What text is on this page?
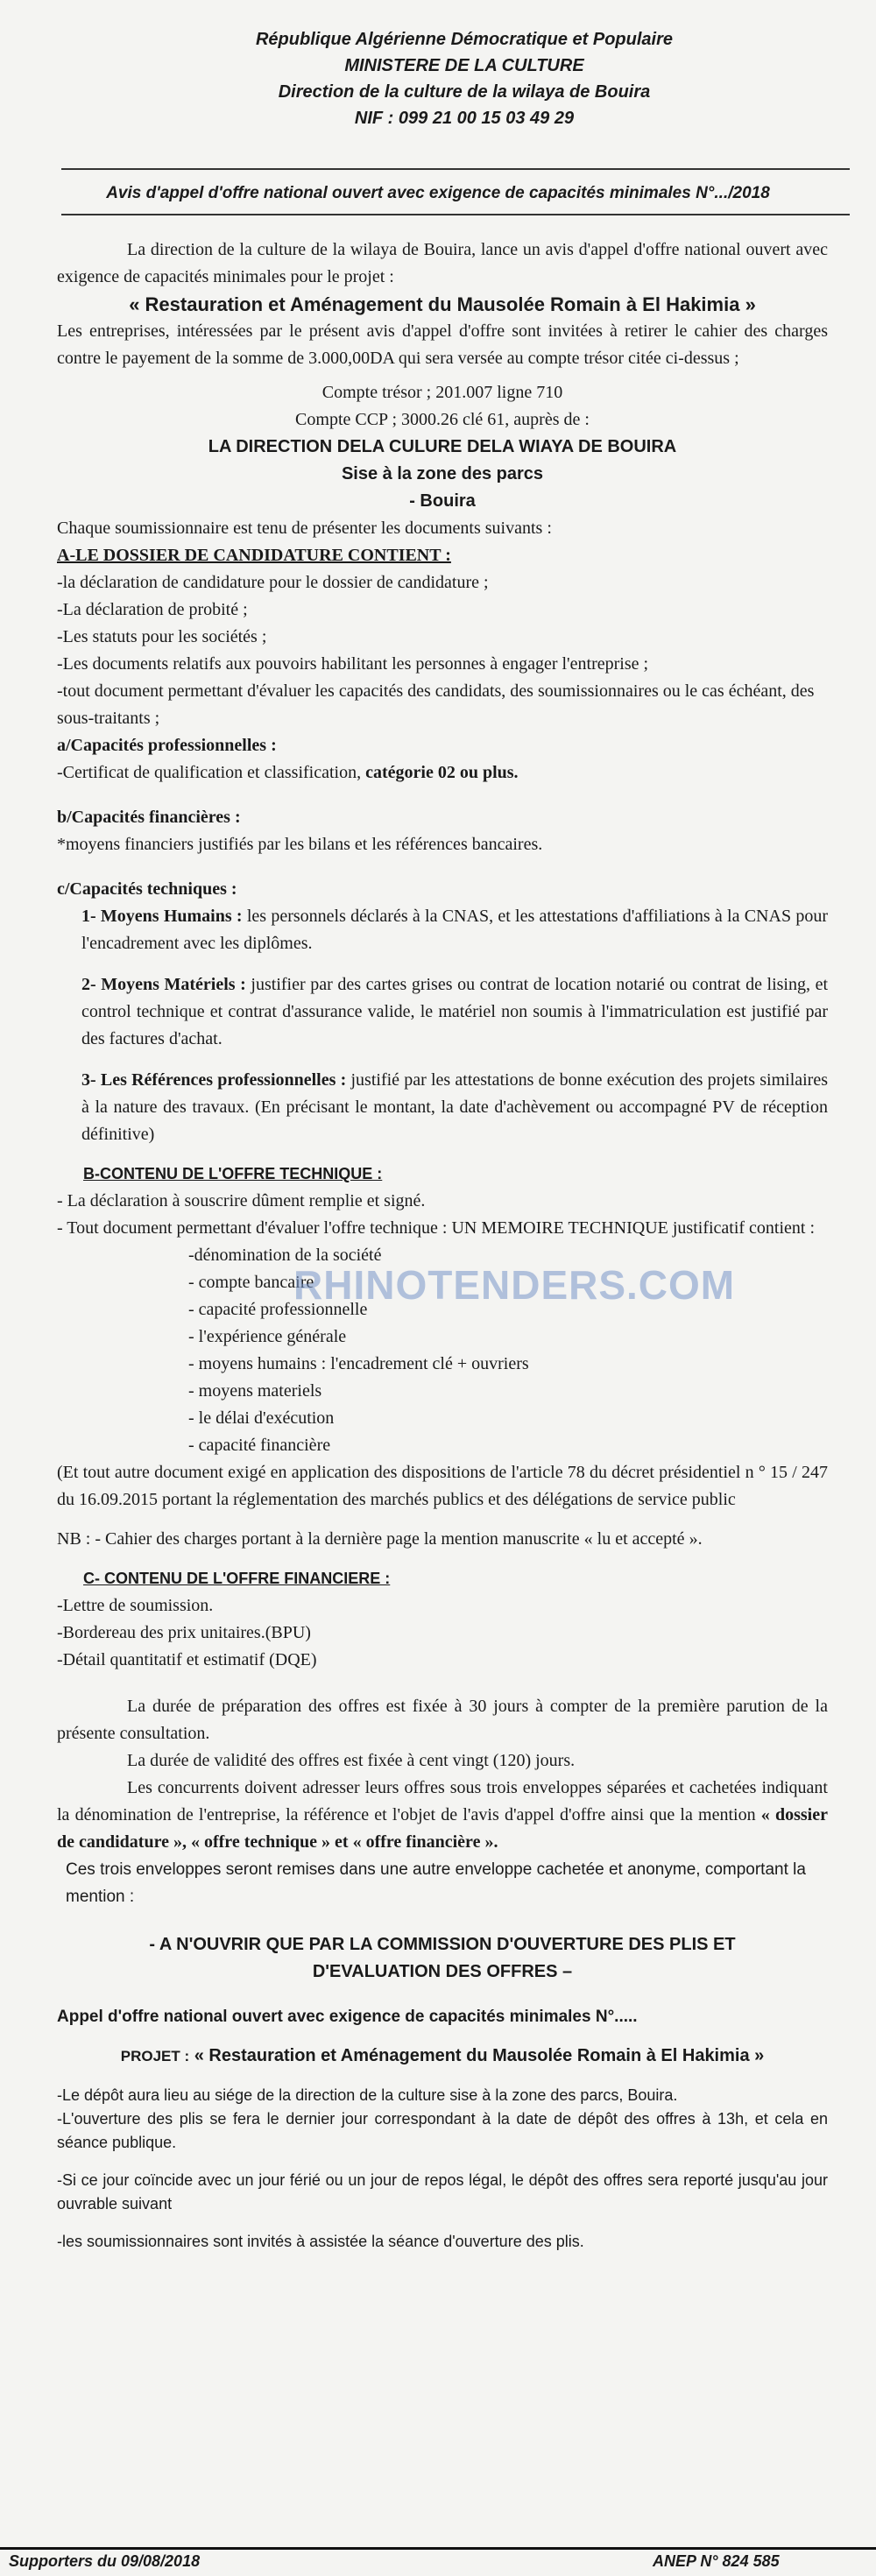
République Algérienne Démocratique et Populaire
MINISTERE DE LA CULTURE
Direction de la culture de la wilaya de Bouira
NIF : 099 21 00 15 03 49 29
Avis d'appel d'offre national ouvert avec exigence de capacités minimales N°.../2018

La direction de la culture de la wilaya de Bouira, lance un avis d'appel d'offre national ouvert avec exigence de capacités minimales pour le projet :

« Restauration et Aménagement du Mausolée Romain à El Hakimia »

Les entreprises, intéressées par le présent avis d'appel d'offre sont invitées à retirer le cahier des charges contre le payement de la somme de 3.000,00DA qui sera versée au compte trésor citée ci-dessus ;

Compte trésor ; 201.007 ligne 710

Compte CCP ; 3000.26 clé 61, auprès de :

LA DIRECTION DELA CULURE DELA WIAYA DE BOUIRA

Sise à la zone des parcs

- Bouira

Chaque soumissionnaire est tenu de présenter les documents suivants :

A-LE DOSSIER DE CANDIDATURE CONTIENT :

-la déclaration de candidature pour le dossier de candidature ;

-La déclaration de probité ;

-Les statuts pour les sociétés ;

-Les documents relatifs aux pouvoirs habilitant les personnes à engager l'entreprise ;

-tout document permettant d'évaluer les capacités des candidats, des soumissionnaires ou le cas échéant, des sous-traitants ;

a/Capacités professionnelles :

-Certificat de qualification et classification, catégorie 02 ou plus.

b/Capacités financières :

*moyens financiers justifiés par les bilans et les références bancaires.

c/Capacités techniques :

1- Moyens Humains : les personnels déclarés à la CNAS, et les attestations d'affiliations à la CNAS pour l'encadrement avec les diplômes.

2- Moyens Matériels : justifier par des cartes grises ou contrat de location notarié ou contrat de lising, et control technique et contrat d'assurance valide, le matériel non soumis à l'immatriculation est justifié par des factures d'achat.

3- Les Références professionnelles : justifié par les attestations de bonne exécution des projets similaires à la nature des travaux. (En précisant le montant, la date d'achèvement ou accompagné PV de réception définitive)

B-CONTENU DE L'OFFRE TECHNIQUE :

- La déclaration à souscrire dûment remplie et signé.

- Tout document permettant d'évaluer l'offre technique : UN MEMOIRE TECHNIQUE justificatif contient :

-dénomination de la société

- compte bancaire

- capacité professionnelle

- l'expérience générale

- moyens humains : l'encadrement clé + ouvriers

- moyens materiels

- le délai d'exécution

- capacité financière

(Et tout autre document exigé en application des dispositions de l'article 78 du décret présidentiel n ° 15 / 247 du 16.09.2015 portant la réglementation des marchés publics et des délégations de service public

NB : - Cahier des charges portant à la dernière page la mention manuscrite « lu et accepté ».

C- CONTENU DE L'OFFRE FINANCIERE :

-Lettre de soumission.

-Bordereau des prix unitaires.(BPU)

-Détail quantitatif et estimatif (DQE)

La durée de préparation des offres est fixée à 30 jours à compter de la première parution de la présente consultation.

La durée de validité des offres est fixée à cent vingt (120) jours.

Les concurrents doivent adresser leurs offres sous trois enveloppes séparées et cachetées indiquant la dénomination de l'entreprise, la référence et l'objet de l'avis d'appel d'offre ainsi que la mention « dossier de candidature », « offre technique » et « offre financière ».

Ces trois enveloppes seront remises dans une autre enveloppe cachetée et anonyme, comportant la mention :

- A N'OUVRIR QUE PAR LA COMMISSION D'OUVERTURE DES PLIS ET D'EVALUATION DES OFFRES –

Appel d'offre national ouvert avec exigence de capacités minimales N°.....

PROJET : « Restauration et Aménagement du Mausolée Romain à El Hakimia »

-Le dépôt aura lieu au siége de la direction de la culture sise à la zone des parcs, Bouira.

-L'ouverture des plis se fera le dernier jour correspondant à la date de dépôt des offres à 13h, et cela en séance publique.

-Si ce jour coïncide avec un jour férié ou un jour de repos légal, le dépôt des offres sera reporté jusqu'au jour ouvrable suivant

-les soumissionnaires sont invités à assistée la séance d'ouverture des plis.

RHINOTENDERS.COM
Supporters du 09/08/2018	ANEP N° 824 585
